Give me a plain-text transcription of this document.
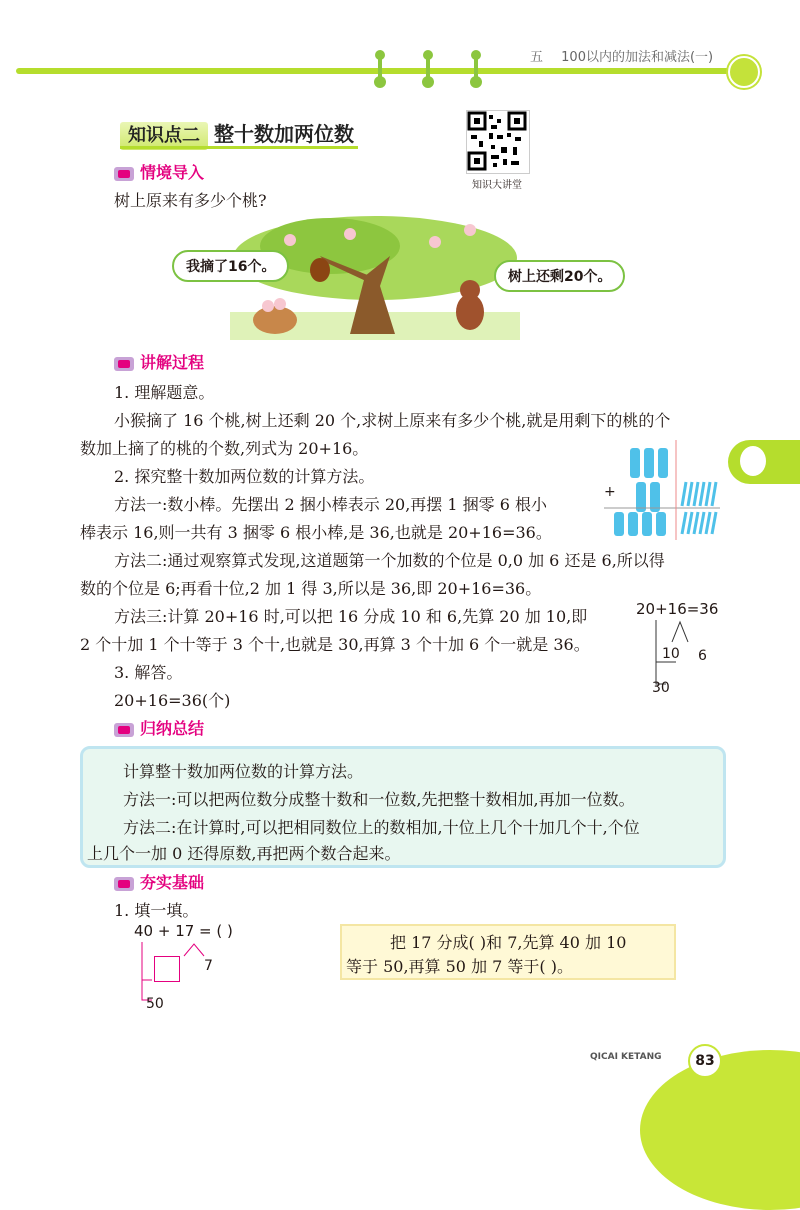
五 100以内的加法和减法(一)
知识点二 整十数加两位数
知识大讲堂
情境导入
树上原来有多少个桃?
我摘了16个。
树上还剩20个。
讲解过程
1. 理解题意。
小猴摘了 16 个桃,树上还剩 20 个,求树上原来有多少个桃,就是用剩下的桃的个
数加上摘了的桃的个数,列式为 20+16。
2. 探究整十数加两位数的计算方法。
方法一:数小棒。先摆出 2 捆小棒表示 20,再摆 1 捆零 6 根小
棒表示 16,则一共有 3 捆零 6 根小棒,是 36,也就是 20+16=36。
方法二:通过观察算式发现,这道题第一个加数的个位是 0,0 加 6 还是 6,所以得
数的个位是 6;再看十位,2 加 1 得 3,所以是 36,即 20+16=36。
方法三:计算 20+16 时,可以把 16 分成 10 和 6,先算 20 加 10,即
2 个十加 1 个十等于 3 个十,也就是 30,再算 3 个十加 6 个一就是 36。
3. 解答。
20+16=36(个)
+
20+16=36
10 6
30
归纳总结
计算整十数加两位数的计算方法。
方法一:可以把两位数分成整十数和一位数,先把整十数相加,再加一位数。
方法二:在计算时,可以把相同数位上的数相加,十位上几个十加几个十,个位
上几个一加 0 还得原数,再把两个数合起来。
夯实基础
1. 填一填。
40 + 17 = ( )
7
50
把 17 分成( )和 7,先算 40 加 10
等于 50,再算 50 加 7 等于( )。
QICAI KETANG	83
